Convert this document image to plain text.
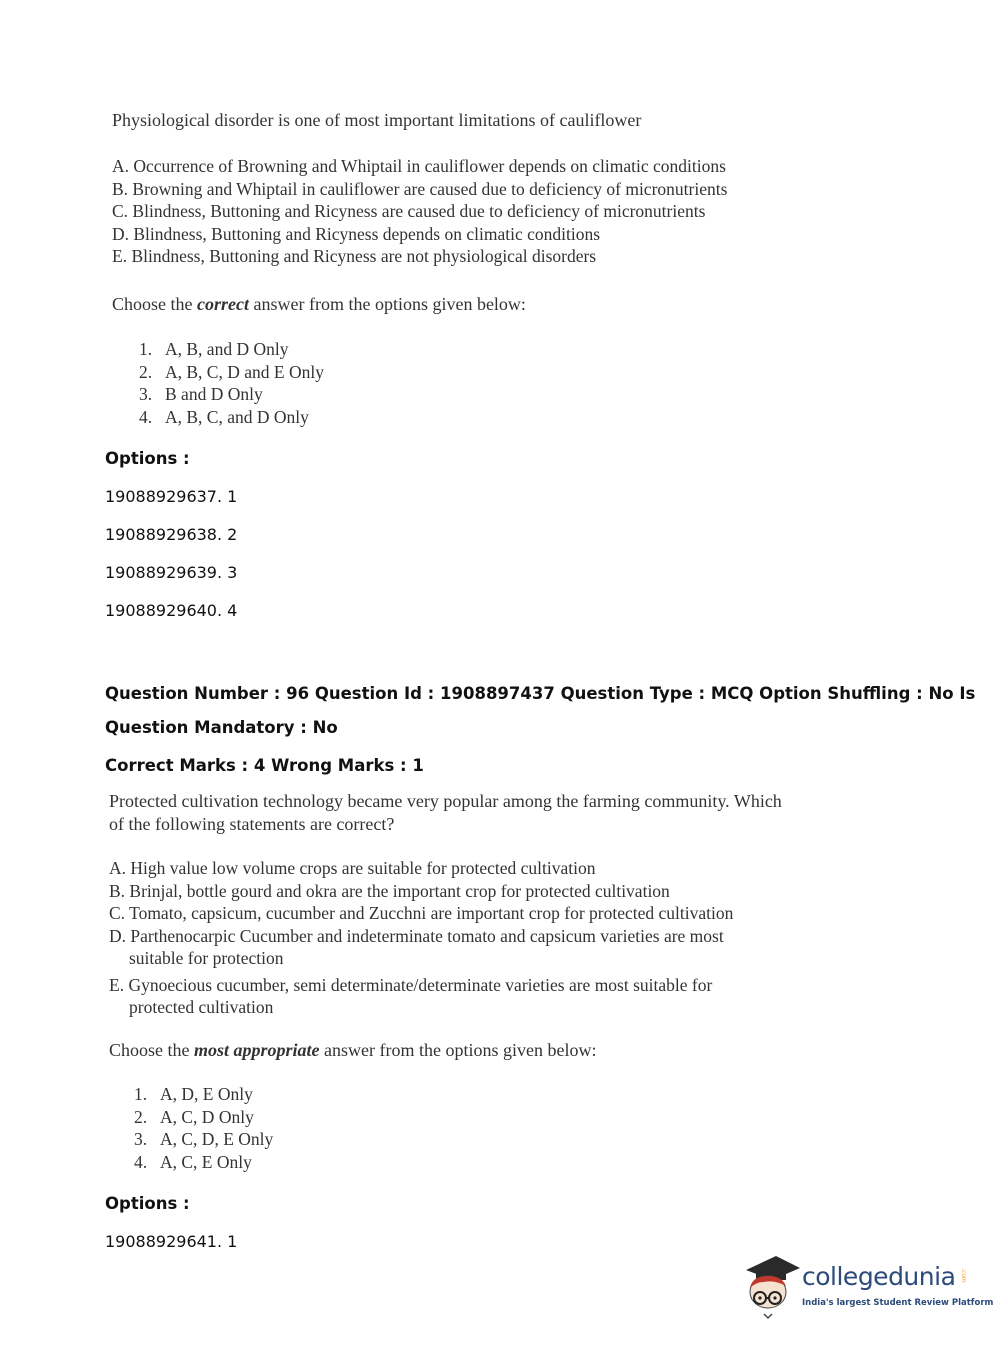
Physiological disorder is one of most important limitations of cauliflower
A. Occurrence of Browning and Whiptail in cauliflower depends on climatic conditions
B. Browning and Whiptail in cauliflower are caused due to deficiency of micronutrients
C. Blindness, Buttoning and Ricyness are caused due to deficiency of micronutrients
D. Blindness, Buttoning and Ricyness depends on climatic conditions
E. Blindness, Buttoning and Ricyness are not physiological disorders
Choose the correct answer from the options given below:
1. A, B, and D Only
2. A, B, C, D and E Only
3. B and D Only
4. A, B, C, and D Only
Options :
19088929637. 1
19088929638. 2
19088929639. 3
19088929640. 4
Question Number : 96 Question Id : 1908897437 Question Type : MCQ Option Shuffling : No Is
Question Mandatory : No
Correct Marks : 4 Wrong Marks : 1
Protected cultivation technology became very popular among the farming community. Which
of the following statements are correct?
A. High value low volume crops are suitable for protected cultivation
B. Brinjal, bottle gourd and okra are the important crop for protected cultivation
C. Tomato, capsicum, cucumber and Zucchni are important crop for protected cultivation
D. Parthenocarpic Cucumber and indeterminate tomato and capsicum varieties are most
suitable for protection
E. Gynoecious cucumber, semi determinate/determinate varieties are most suitable for
protected cultivation
Choose the most appropriate answer from the options given below:
1. A, D, E Only
2. A, C, D Only
3. A, C, D, E Only
4. A, C, E Only
Options :
19088929641. 1
collegedunia .com
India's largest Student Review Platform
